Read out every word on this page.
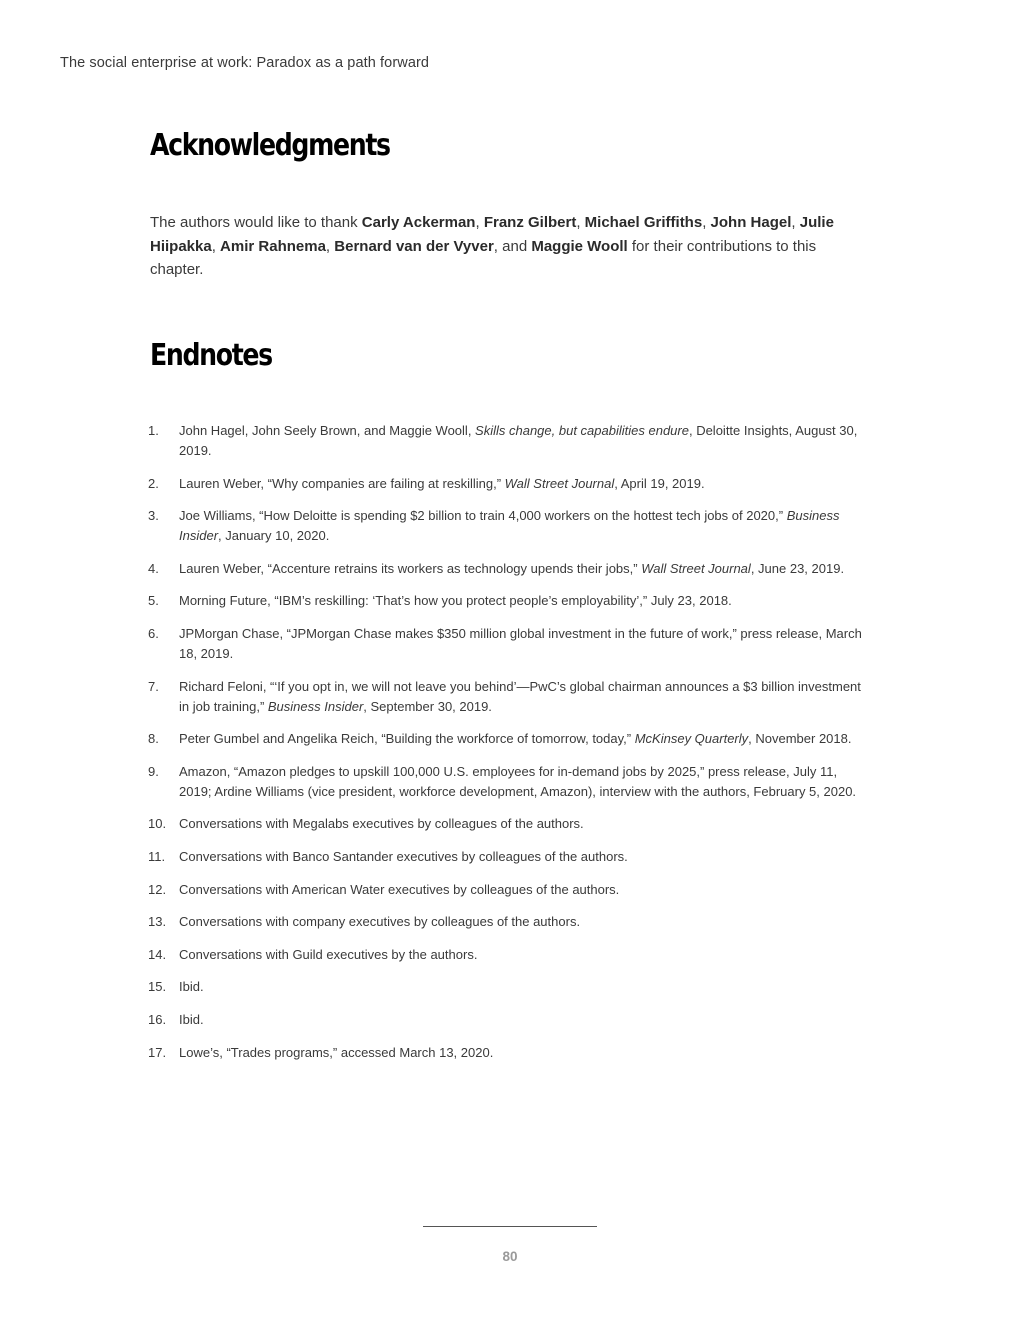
The social enterprise at work: Paradox as a path forward
Acknowledgments

The authors would like to thank Carly Ackerman, Franz Gilbert, Michael Griffiths, John Hagel, Julie Hiipakka, Amir Rahnema, Bernard van der Vyver, and Maggie Wooll for their contributions to this chapter.

Endnotes
1.	John Hagel, John Seely Brown, and Maggie Wooll, Skills change, but capabilities endure, Deloitte Insights, August 30, 2019.
2.	Lauren Weber, “Why companies are failing at reskilling,” Wall Street Journal, April 19, 2019.
3.	Joe Williams, “How Deloitte is spending $2 billion to train 4,000 workers on the hottest tech jobs of 2020,” Business Insider, January 10, 2020.
4.	Lauren Weber, “Accenture retrains its workers as technology upends their jobs,” Wall Street Journal, June 23, 2019.
5.	Morning Future, “IBM’s reskilling: ‘That’s how you protect people’s employability’,” July 23, 2018.
6.	JPMorgan Chase, “JPMorgan Chase makes $350 million global investment in the future of work,” press release, March 18, 2019.
7.	Richard Feloni, “‘If you opt in, we will not leave you behind’—PwC’s global chairman announces a $3 billion investment in job training,” Business Insider, September 30, 2019.
8.	Peter Gumbel and Angelika Reich, “Building the workforce of tomorrow, today,” McKinsey Quarterly, November 2018.
9.	Amazon, “Amazon pledges to upskill 100,000 U.S. employees for in-demand jobs by 2025,” press release, July 11, 2019; Ardine Williams (vice president, workforce development, Amazon), interview with the authors, February 5, 2020.
10. Conversations with Megalabs executives by colleagues of the authors.
11.	Conversations with Banco Santander executives by colleagues of the authors.
12. Conversations with American Water executives by colleagues of the authors.
13. Conversations with company executives by colleagues of the authors.
14. Conversations with Guild executives by the authors.
15. Ibid.
16. Ibid.
17. Lowe’s, “Trades programs,” accessed March 13, 2020.
80
